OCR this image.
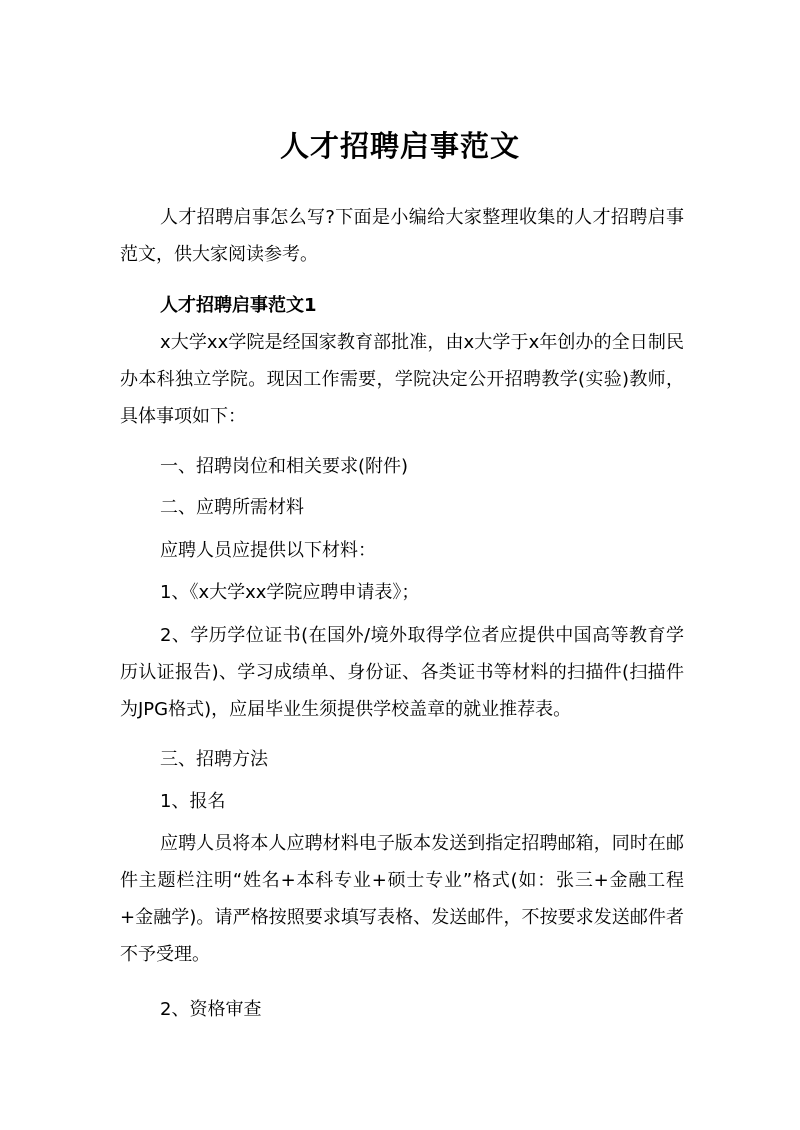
人才招聘启事范文
人才招聘启事怎么写?下面是小编给大家整理收集的人才招聘启事范文，供大家阅读参考。
人才招聘启事范文1
x大学xx学院是经国家教育部批准，由x大学于x年创办的全日制民办本科独立学院。现因工作需要，学院决定公开招聘教学(实验)教师，具体事项如下：
一、招聘岗位和相关要求(附件)
二、应聘所需材料
应聘人员应提供以下材料：
1、《x大学xx学院应聘申请表》；
2、学历学位证书(在国外/境外取得学位者应提供中国高等教育学历认证报告)、学习成绩单、身份证、各类证书等材料的扫描件(扫描件为JPG格式)，应届毕业生须提供学校盖章的就业推荐表。
三、招聘方法
1、报名
应聘人员将本人应聘材料电子版本发送到指定招聘邮箱，同时在邮件主题栏注明“姓名+本科专业+硕士专业”格式(如：张三+金融工程+金融学)。请严格按照要求填写表格、发送邮件，不按要求发送邮件者不予受理。
2、资格审查
